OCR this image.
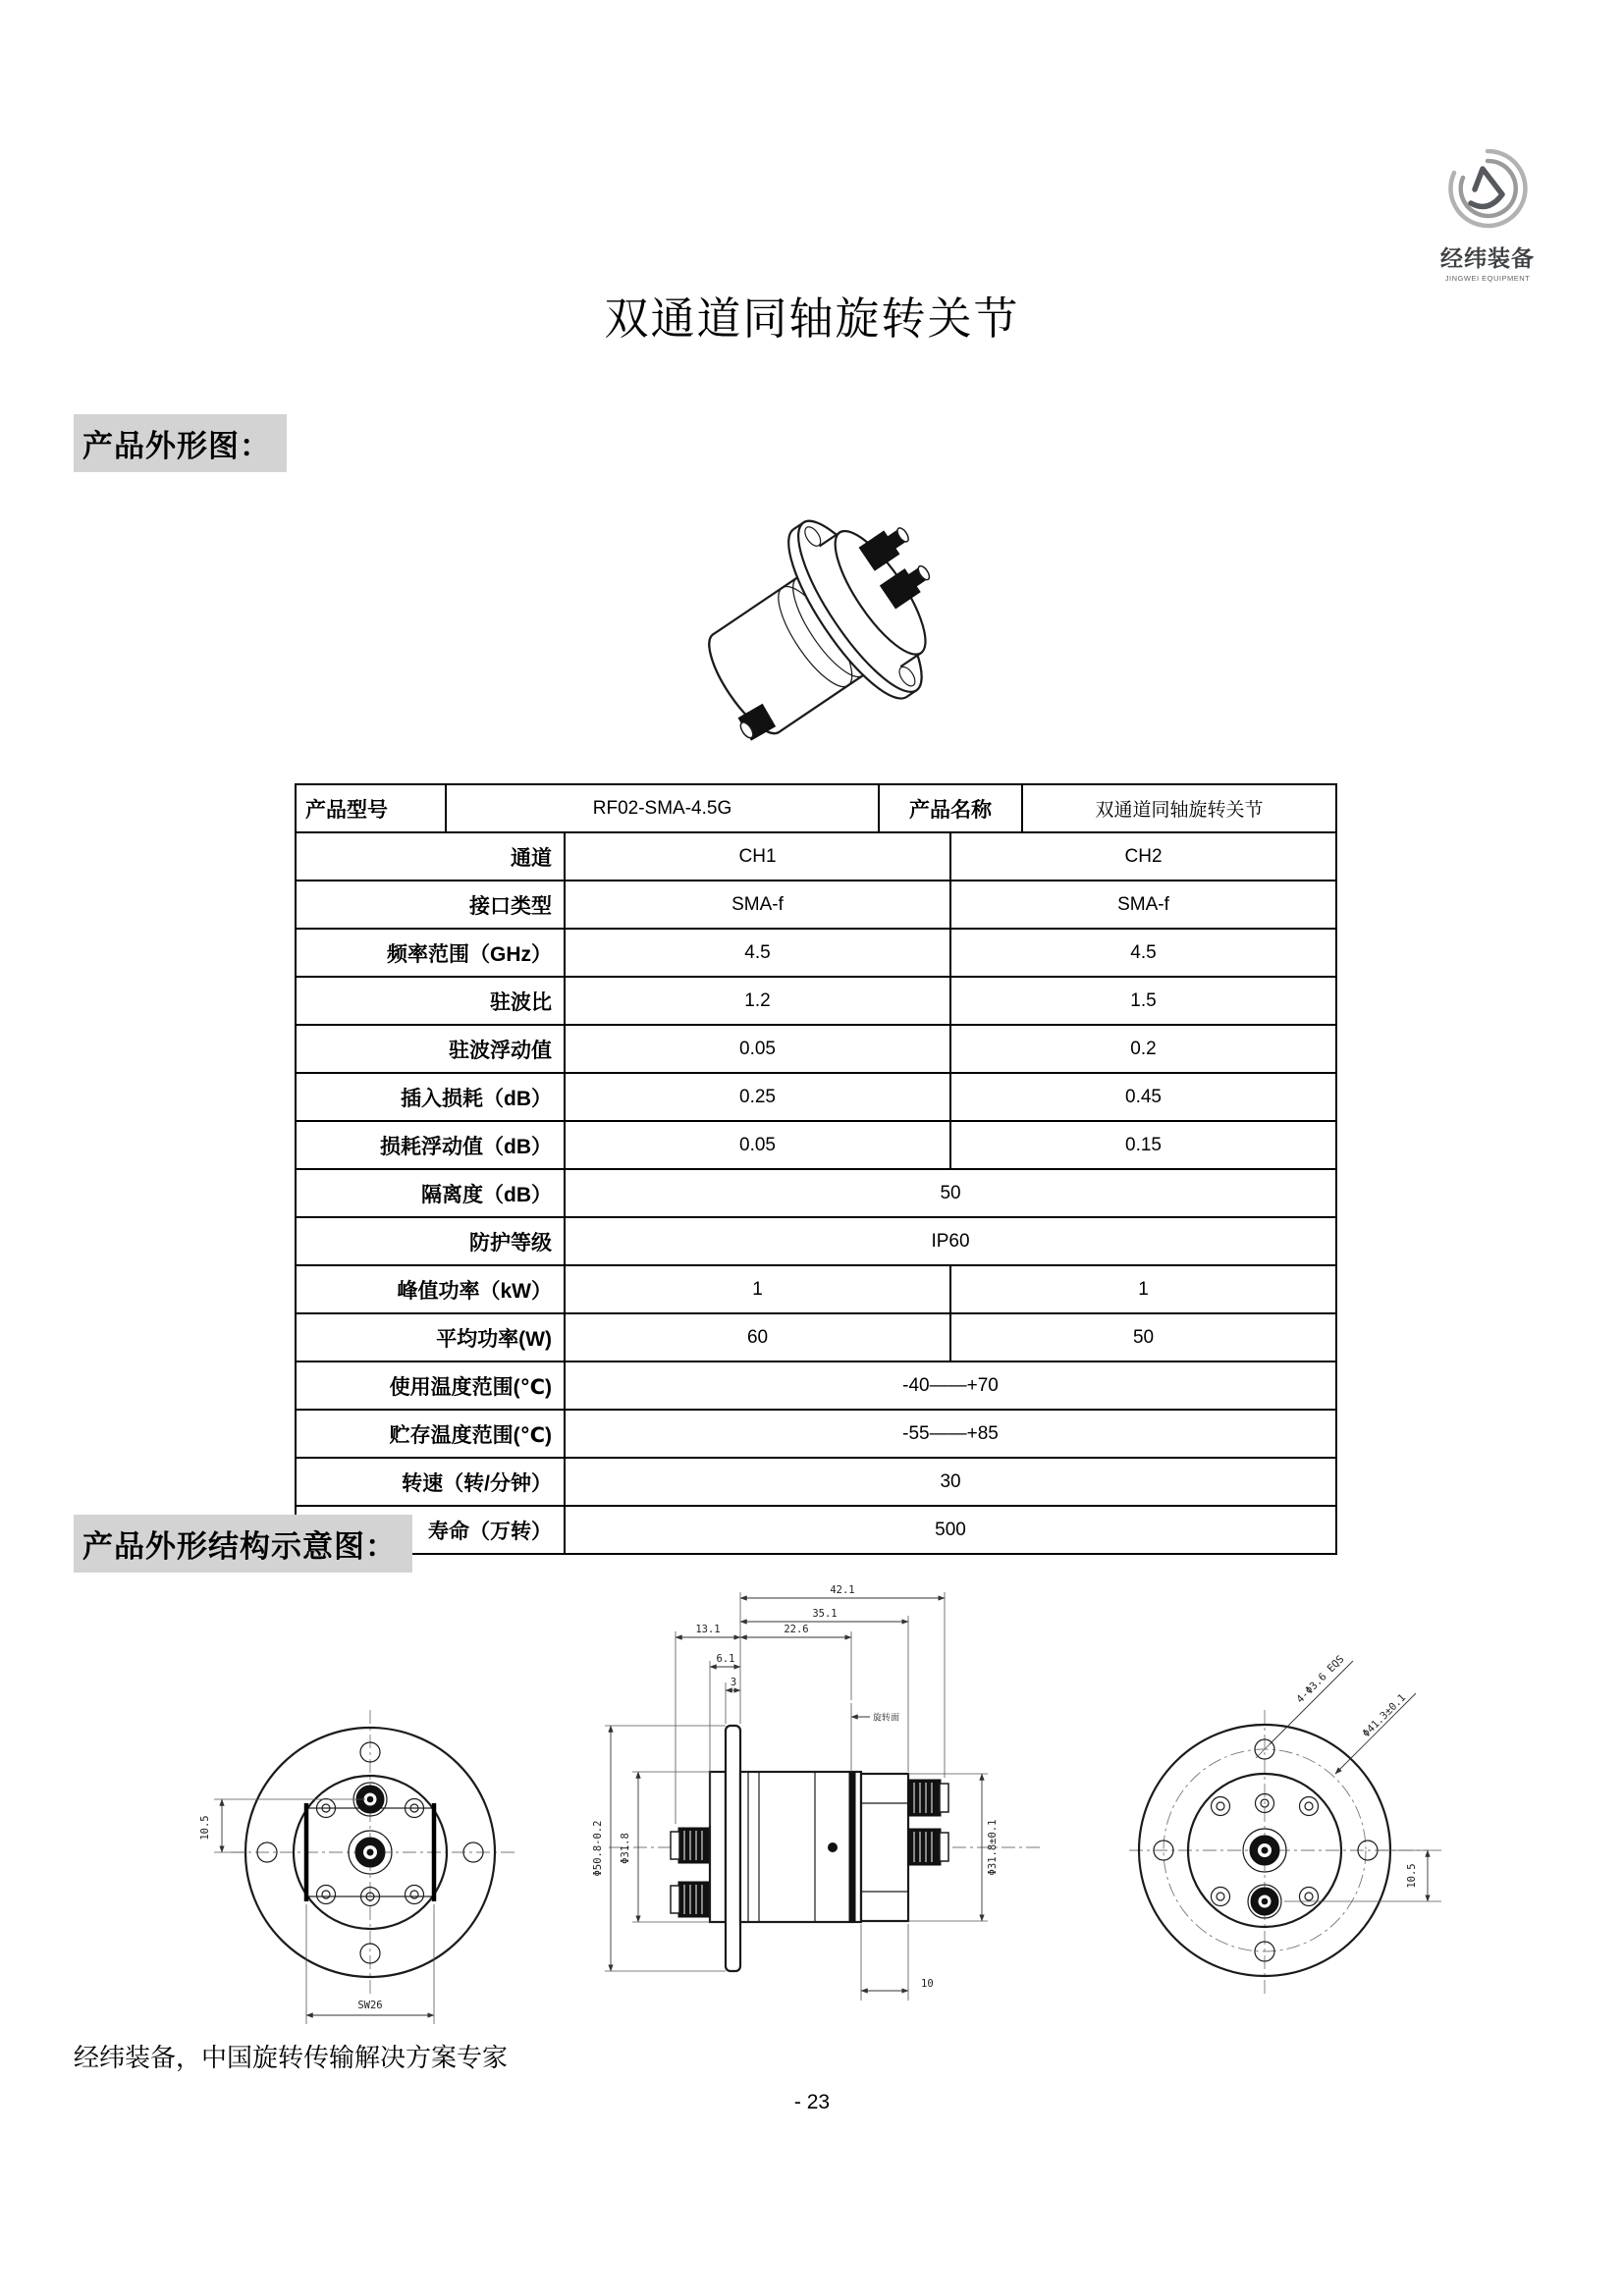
经纬装备
JINGWEI EQUIPMENT
双通道同轴旋转关节
产品外形图：
产品型号	RF02-SMA-4.5G		产品名称		双通道同轴旋转关节
通道		CH1		CH2	
接口类型		SMA-f		SMA-f	
频率范围（GHz）		4.5		4.5	
驻波比		1.2		1.5	
驻波浮动值		0.05		0.2	
插入损耗（dB）		0.25		0.45	
损耗浮动值（dB）		0.05		0.15	
隔离度（dB）		50			
防护等级		IP60			
峰值功率（kW）		1		1	
平均功率(W)		60		50	
使用温度范围(℃)		-40——+70			
贮存温度范围(℃)		-55——+85			
转速（转/分钟）		30			
寿命（万转）		500			
产品外形结构示意图：
10.5
SW26
旋转面
42.1
35.1
13.1	22.6
6.1
3
Φ50.8-0.2 Φ31.8	Φ31.8±0.1
10
4-Φ3.6 EQS
Φ41.3±0.1
10.5
经纬装备，中国旋转传输解决方案专家
- 23
